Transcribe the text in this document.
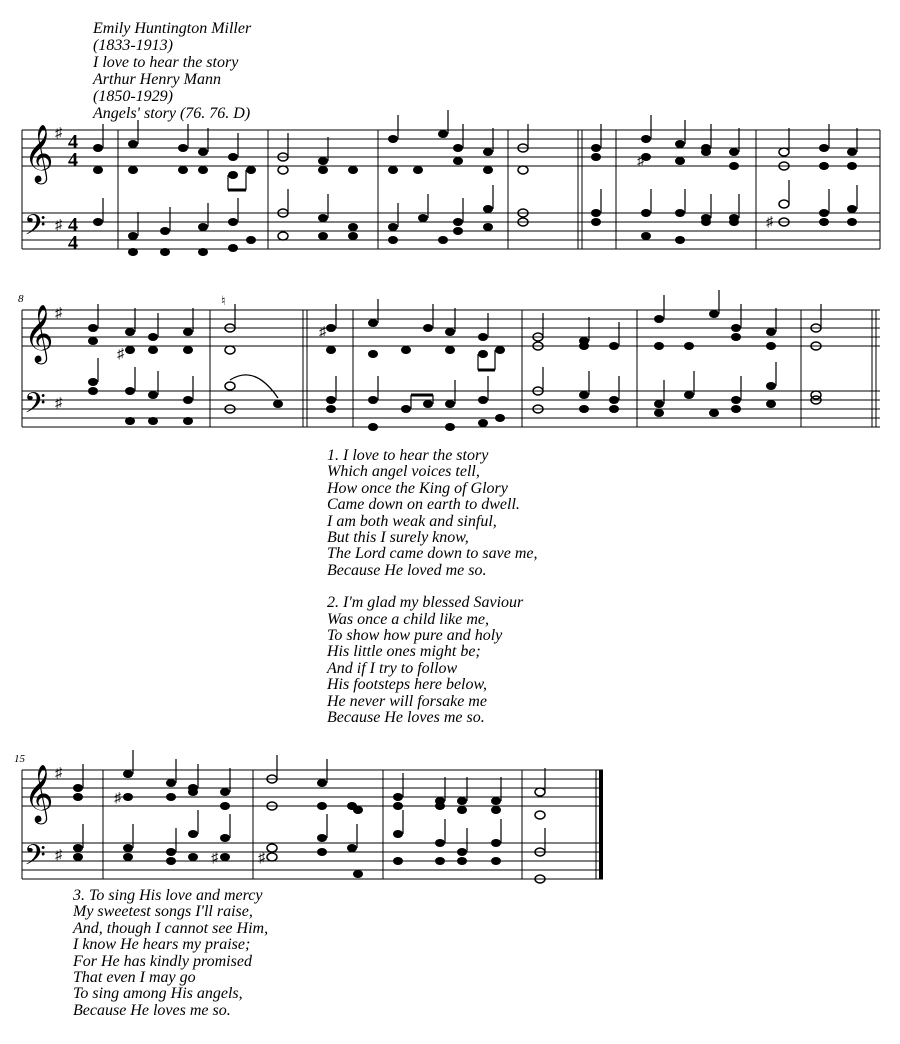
Emily Huntington Miller
(1833-1913)
I love to hear the story
Arthur Henry Mann
(1850-1929)
Angels' story (76. 76. D)
𝄞
𝄢
♯
♯
4
4
4
4
♯
♯
8
𝄞
𝄢
♯
♯
♯
♮
♯
1. I love to hear the story
Which angel voices tell,
How once the King of Glory
Came down on earth to dwell.
I am both weak and sinful,
But this I surely know,
The Lord came down to save me,
Because He loved me so.
2. I'm glad my blessed Saviour
Was once a child like me,
To show how pure and holy
His little ones might be;
And if I try to follow
His footsteps here below,
He never will forsake me
Because He loves me so.
15
𝄞
𝄢
♯
♯
♯
♯	♯
3. To sing His love and mercy
My sweetest songs I'll raise,
And, though I cannot see Him,
I know He hears my praise;
For He has kindly promised
That even I may go
To sing among His angels,
Because He loves me so.
